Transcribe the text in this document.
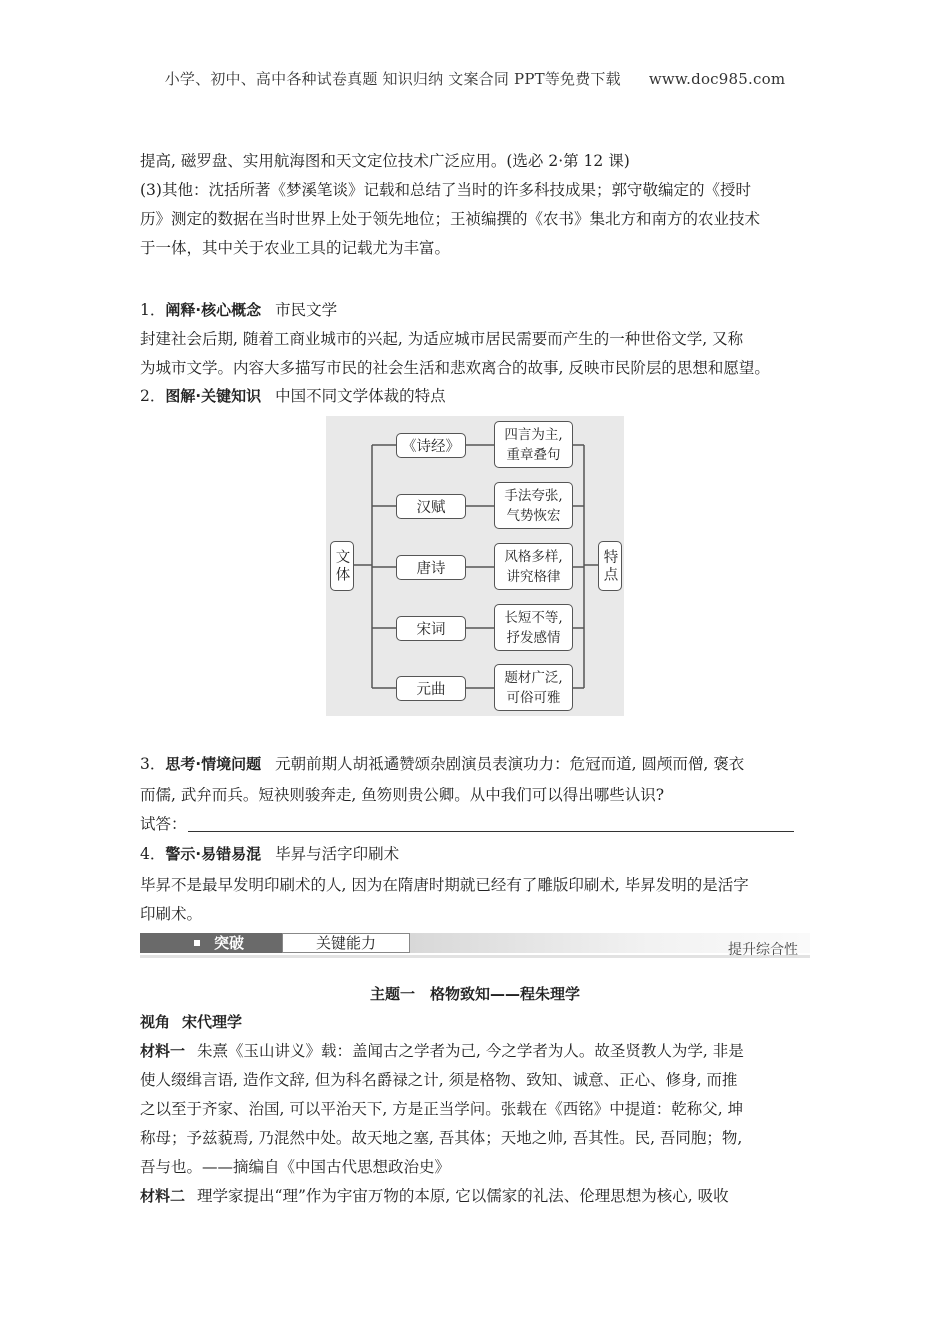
小学、初中、高中各种试卷真题 知识归纳 文案合同 PPT等免费下载 www.doc985.com
提高, 磁罗盘、实用航海图和天文定位技术广泛应用。(选必 2·第 12 课)
(3)其他：沈括所著《梦溪笔谈》记载和总结了当时的许多科技成果；郭守敬编定的《授时
历》测定的数据在当时世界上处于领先地位；王祯编撰的《农书》集北方和南方的农业技术
于一体，其中关于农业工具的记载尤为丰富。
1．阐释·核心概念 市民文学
封建社会后期, 随着工商业城市的兴起, 为适应城市居民需要而产生的一种世俗文学, 又称
为城市文学。内容大多描写市民的社会生活和悲欢离合的故事, 反映市民阶层的思想和愿望。
2．图解·关键知识 中国不同文学体裁的特点
文体	特点
《诗经》
汉赋
唐诗
宋词
元曲
四言为主,
重章叠句
手法夸张,
气势恢宏
风格多样,
讲究格律
长短不等,
抒发感情
题材广泛,
可俗可雅
3．思考·情境问题 元朝前期人胡祗遹赞颂杂剧演员表演功力：危冠而道, 圆颅而僧, 褒衣
而儒, 武弁而兵。短袂则骏奔走, 鱼笏则贵公卿。从中我们可以得出哪些认识?
试答：
4．警示·易错易混 毕昇与活字印刷术
毕昇不是最早发明印刷术的人, 因为在隋唐时期就已经有了雕版印刷术, 毕昇发明的是活字
印刷术。
突破	关键能力	提升综合性
主题一　格物致知——程朱理学
视角 宋代理学
材料一 朱熹《玉山讲义》载：盖闻古之学者为己, 今之学者为人。故圣贤教人为学, 非是
使人缀缉言语, 造作文辞, 但为科名爵禄之计, 须是格物、致知、诚意、正心、修身, 而推
之以至于齐家、治国, 可以平治天下, 方是正当学问。张载在《西铭》中提道：乾称父, 坤
称母；予兹藐焉, 乃混然中处。故天地之塞, 吾其体；天地之帅, 吾其性。民, 吾同胞；物,
吾与也。——摘编自《中国古代思想政治史》
材料二 理学家提出“理”作为宇宙万物的本原, 它以儒家的礼法、伦理思想为核心, 吸收
